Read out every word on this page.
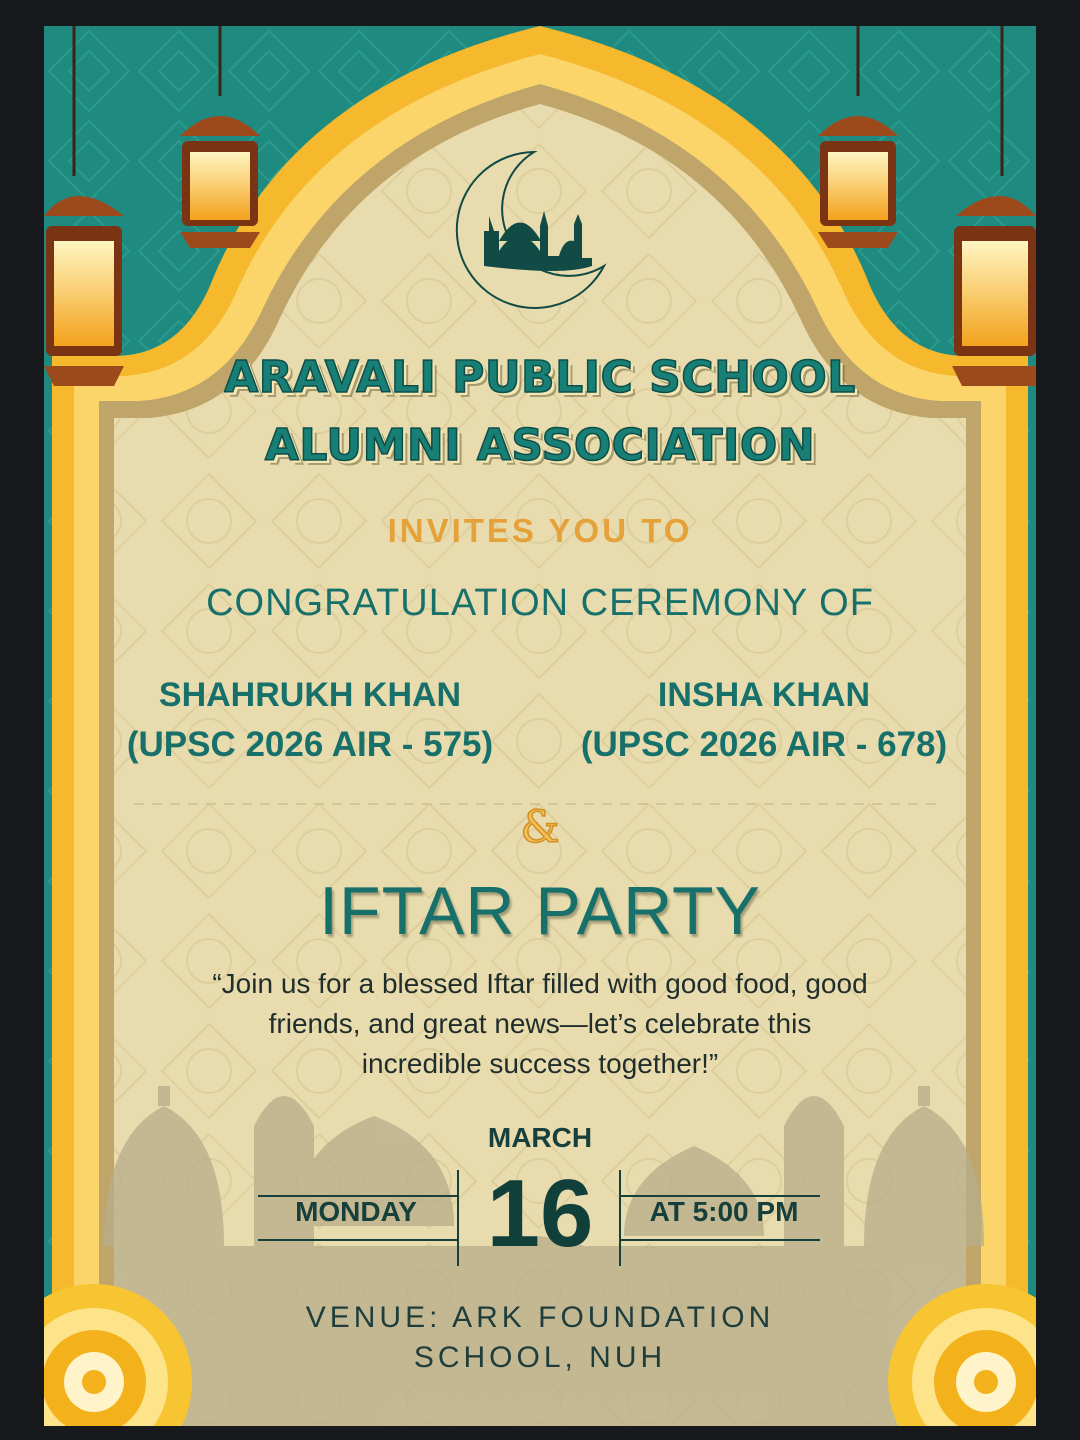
ARAVALI PUBLIC SCHOOL
ALUMNI ASSOCIATION
INVITES YOU TO
CONGRATULATION CEREMONY OF
SHAHRUKH KHAN
(UPSC 2026 AIR - 575)
INSHA KHAN
(UPSC 2026 AIR - 678)
&
IFTAR PARTY
“Join us for a blessed Iftar filled with good food, good
friends, and great news—let’s celebrate this
incredible success together!”
MARCH
MONDAY 16	AT 5:00 PM
VENUE: ARK FOUNDATION
SCHOOL, NUH
